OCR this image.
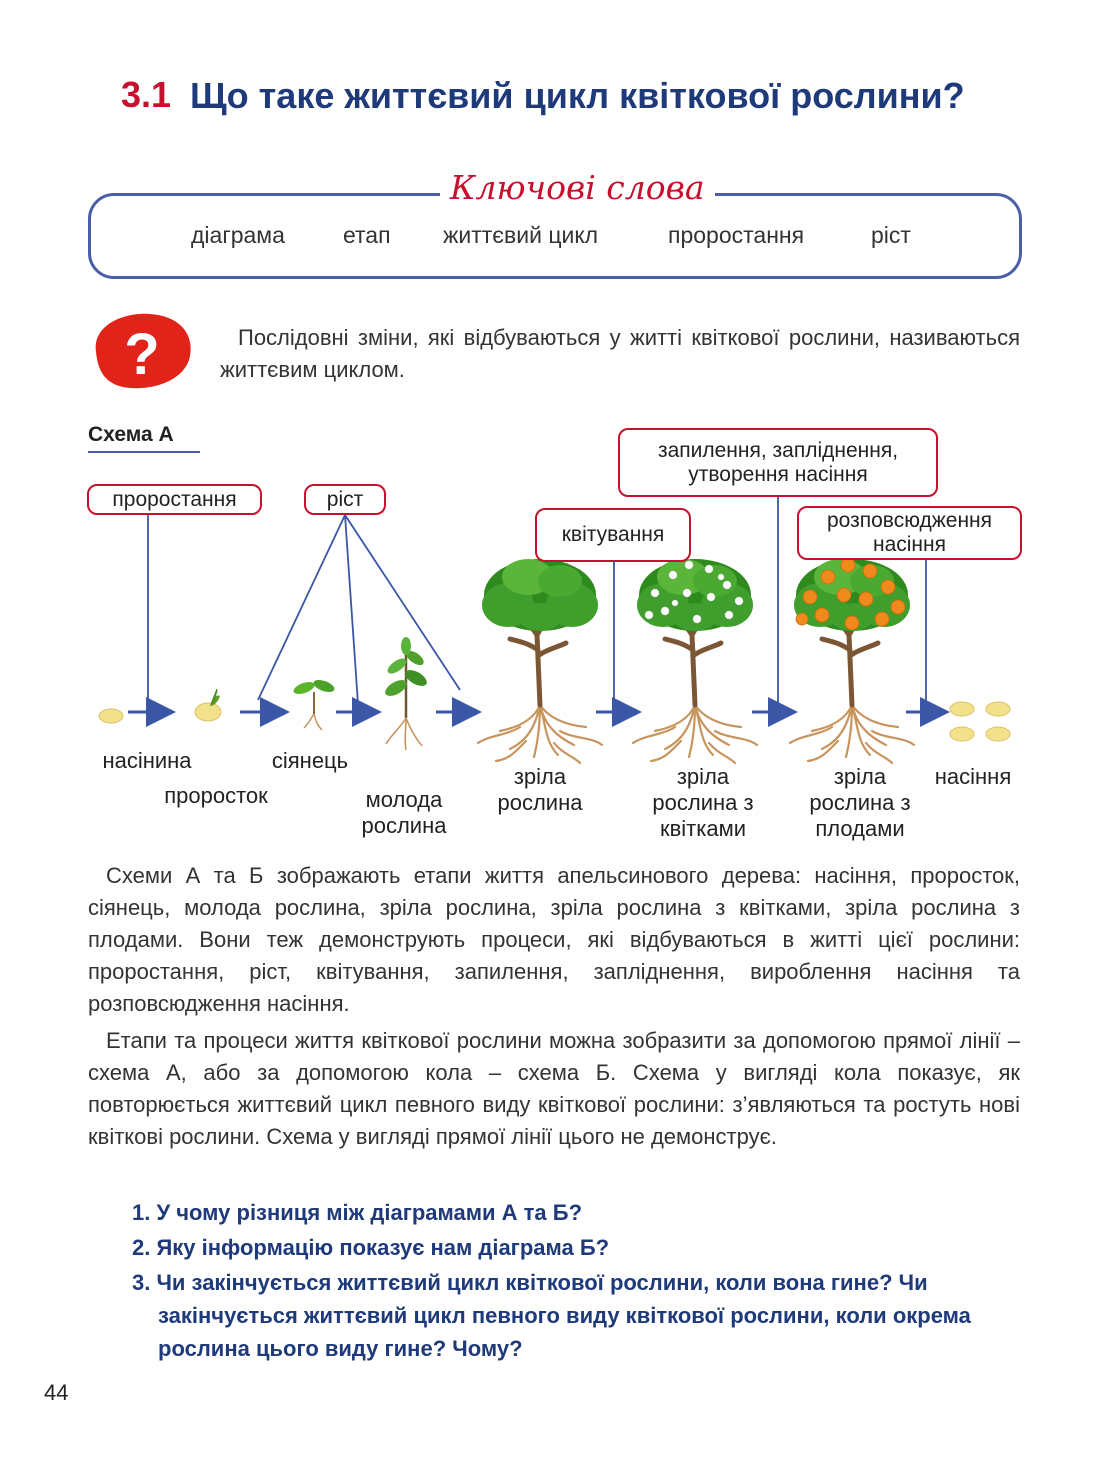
3.1 Що таке життєвий цикл квіткової рослини?
Ключові слова
діаграма	етап життєвий цикл	проростання	ріст
?	Послідовні зміни, які відбуваються у житті квіткової рослини, називаються життєвим циклом.
Схема А
проростання	ріст
квітування
запилення, запліднення, утворення насіння
розповсюдження насіння
насінина
проросток
сіянець
молода рослина
зріла рослина
зріла рослина з квітками
зріла рослина з плодами
насіння
Схеми А та Б зображають етапи життя апельсинового дерева: насіння, проросток, сіянець, молода рослина, зріла рослина, зріла рослина з квітками, зріла рослина з плодами. Вони теж демонструють процеси, які відбуваються в житті цієї рослини: проростання, ріст, квітування, запилення, запліднення, вироблення насіння та розповсюдження насіння.
Етапи та процеси життя квіткової рослини можна зобразити за допомогою прямої лінії – схема А, або за допомогою кола – схема Б. Схема у вигляді кола показує, як повторюється життєвий цикл певного виду квіткової рослини: з’являються та ростуть нові квіткові рослини. Схема у вигляді прямої лінії цього не демонструє.

1. У чому різниця між діаграмами А та Б?

2. Яку інформацію показує нам діаграма Б?

3. Чи закінчується життєвий цикл квіткової рослини, коли вона гине? Чи закінчується життєвий цикл певного виду квіткової рослини, коли окрема рослина цього виду гине? Чому?

44
